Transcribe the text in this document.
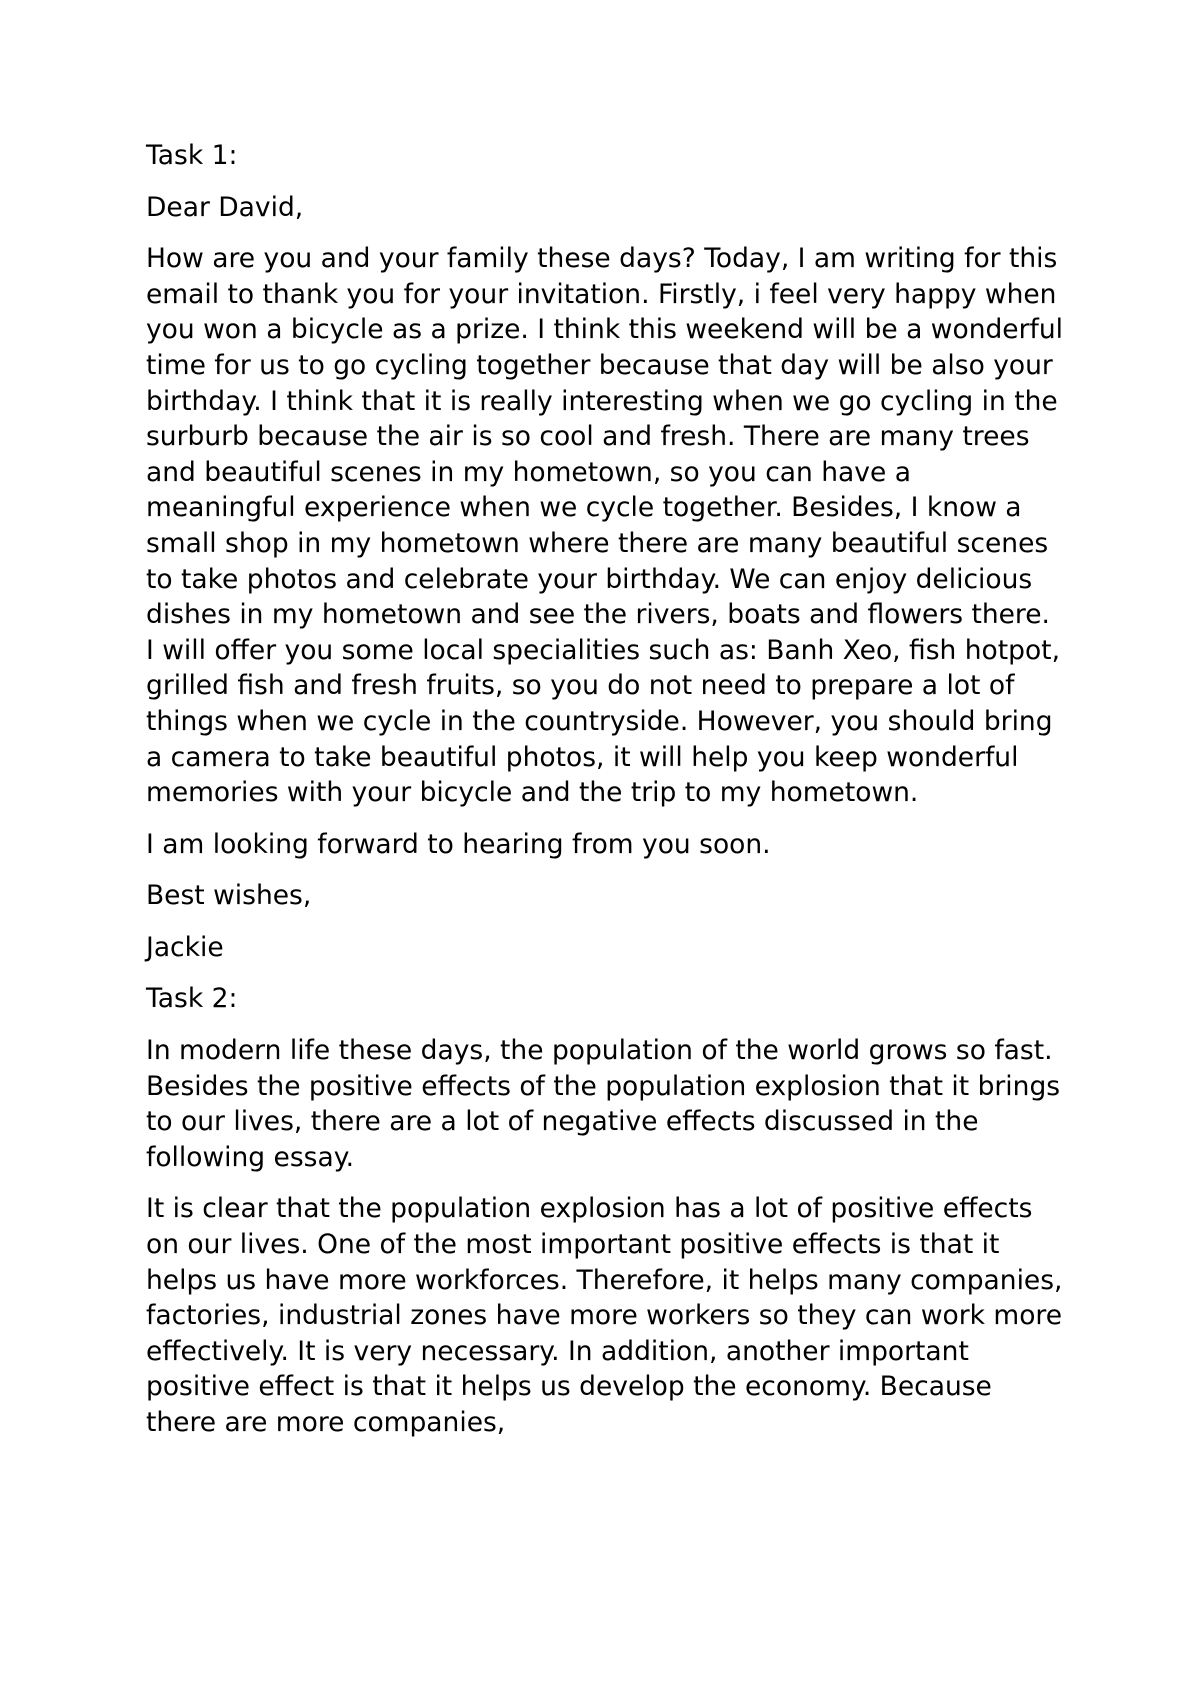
Task 1:

Dear David,

How are you and your family these days? Today, I am writing for this email to thank you for your invitation. Firstly, i feel very happy when you won a bicycle as a prize. I think this weekend will be a wonderful time for us to go cycling together because that day will be also your birthday. I think that it is really interesting when we go cycling in the surburb because the air is so cool and fresh. There are many trees and beautiful scenes in my hometown, so you can have a meaningful experience when we cycle together. Besides, I know a small shop in my hometown where there are many beautiful scenes to take photos and celebrate your birthday. We can enjoy delicious dishes in my hometown and see the rivers, boats and flowers there. I will offer you some local specialities such as: Banh Xeo, fish hotpot, grilled fish and fresh fruits, so you do not need to prepare a lot of things when we cycle in the countryside. However, you should bring a camera to take beautiful photos, it will help you keep wonderful memories with your bicycle and the trip to my hometown.

I am looking forward to hearing from you soon.

Best wishes,

Jackie

Task 2:

In modern life these days, the population of the world grows so fast. Besides the positive effects of the population explosion that it brings to our lives, there are a lot of negative effects discussed in the following essay.

It is clear that the population explosion has a lot of positive effects on our lives. One of the most important positive effects is that it helps us have more workforces. Therefore, it helps many companies, factories, industrial zones have more workers so they can work more effectively. It is very necessary. In addition, another important positive effect is that it helps us develop the economy. Because there are more companies,
